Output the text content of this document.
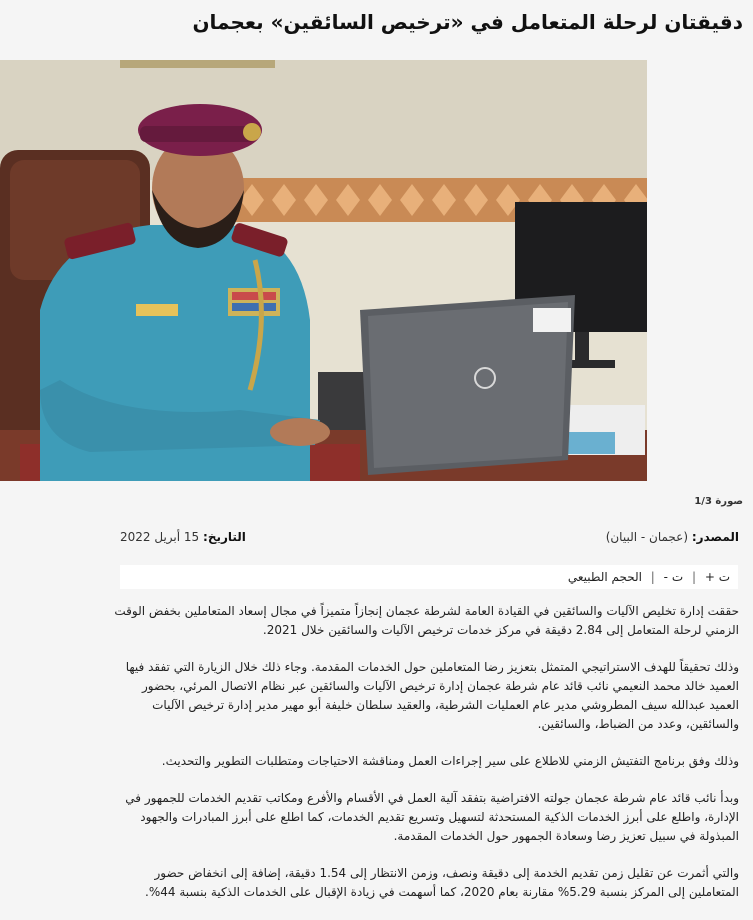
دقيقتان لرحلة المتعامل في «ترخيص السائقين» بعجمان
صورة 1/3
المصدر: (عجمان - البيان)
التاريخ: 15 أبريل 2022
ت + | ت - | الحجم الطبيعي

حققت إدارة تخليص الآليات والسائقين في القيادة العامة لشرطة عجمان إنجازاً متميزاً في مجال إسعاد المتعاملين بخفض الوقت الزمني لرحلة المتعامل إلى 2.84 دقيقة في مركز خدمات ترخيص الآليات والسائقين خلال 2021.

وذلك تحقيقاً للهدف الاستراتيجي المتمثل بتعزيز رضا المتعاملين حول الخدمات المقدمة. وجاء ذلك خلال الزيارة التي تفقد فيها العميد خالد محمد النعيمي نائب قائد عام شرطة عجمان إدارة ترخيص الآليات والسائقين عبر نظام الاتصال المرئي، بحضور العميد عبدالله سيف المطروشي مدير عام العمليات الشرطية، والعقيد سلطان خليفة أبو مهير مدير إدارة ترخيص الآليات والسائقين، وعدد من الضباط، والسائقين.

وذلك وفق برنامج التفتيش الزمني للاطلاع على سير إجراءات العمل ومناقشة الاحتياجات ومتطلبات التطوير والتحديث.

وبدأ نائب قائد عام شرطة عجمان جولته الافتراضية بتفقد آلية العمل في الأقسام والأفرع ومكاتب تقديم الخدمات للجمهور في الإدارة، واطلع على أبرز الخدمات الذكية المستحدثة لتسهيل وتسريع تقديم الخدمات، كما اطلع على أبرز المبادرات والجهود المبذولة في سبيل تعزيز رضا وسعادة الجمهور حول الخدمات المقدمة.

والتي أثمرت عن تقليل زمن تقديم الخدمة إلى دقيقة ونصف، وزمن الانتظار إلى 1.54 دقيقة، إضافة إلى انخفاض حضور المتعاملين إلى المركز بنسبة 5.29% مقارنة بعام 2020، كما أسهمت في زيادة الإقبال على الخدمات الذكية بنسبة 44%.
